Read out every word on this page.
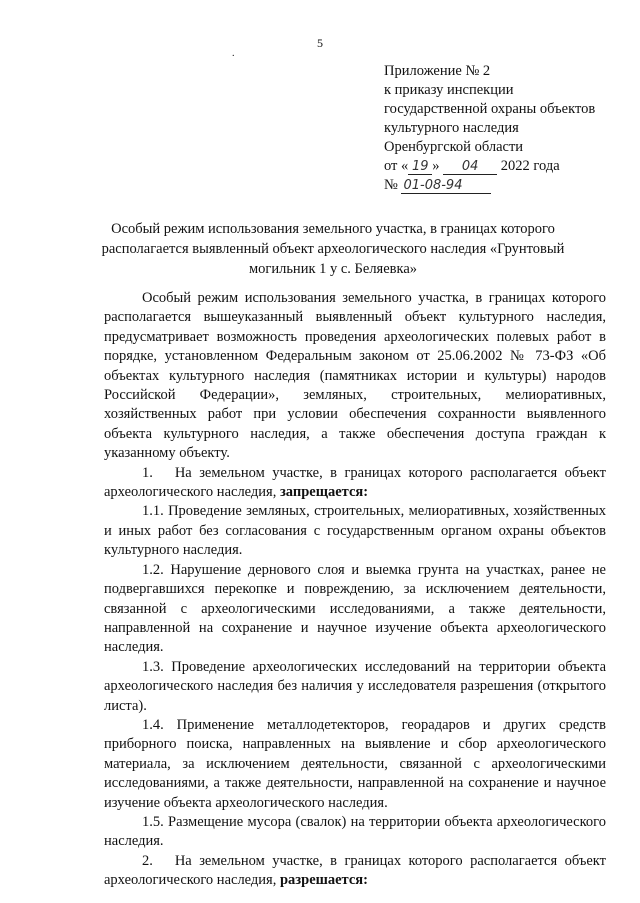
5
.
Приложение № 2
к приказу инспекции
государственной охраны объектов
культурного наследия
Оренбургской области
от « 19 » 04 2022 года
№ 01-08-94
Особый режим использования земельного участка, в границах которого располагается выявленный объект археологического наследия «Грунтовый могильник 1 у с. Беляевка»

Особый режим использования земельного участка, в границах которого располагается вышеуказанный выявленный объект культурного наследия, предусматривает возможность проведения археологических полевых работ в порядке, установленном Федеральным законом от 25.06.2002 № 73-ФЗ «Об объектах культурного наследия (памятниках истории и культуры) народов Российской Федерации», земляных, строительных, мелиоративных, хозяйственных работ при условии обеспечения сохранности выявленного объекта культурного наследия, а также обеспечения доступа граждан к указанному объекту.

1.  На земельном участке, в границах которого располагается объект археологического наследия, запрещается:

1.1. Проведение земляных, строительных, мелиоративных, хозяйственных и иных работ без согласования с государственным органом охраны объектов культурного наследия.

1.2. Нарушение дернового слоя и выемка грунта на участках, ранее не подвергавшихся перекопке и повреждению, за исключением деятельности, связанной с археологическими исследованиями, а также деятельности, направленной на сохранение и научное изучение объекта археологического наследия.

1.3. Проведение археологических исследований на территории объекта археологического наследия без наличия у исследователя разрешения (открытого листа).

1.4. Применение металлодетекторов, георадаров и других средств приборного поиска, направленных на выявление и сбор археологического материала, за исключением деятельности, связанной с археологическими исследованиями, а также деятельности, направленной на сохранение и научное изучение объекта археологического наследия.

1.5. Размещение мусора (свалок) на территории объекта археологического наследия.

2.  На земельном участке, в границах которого располагается объект археологического наследия, разрешается:
